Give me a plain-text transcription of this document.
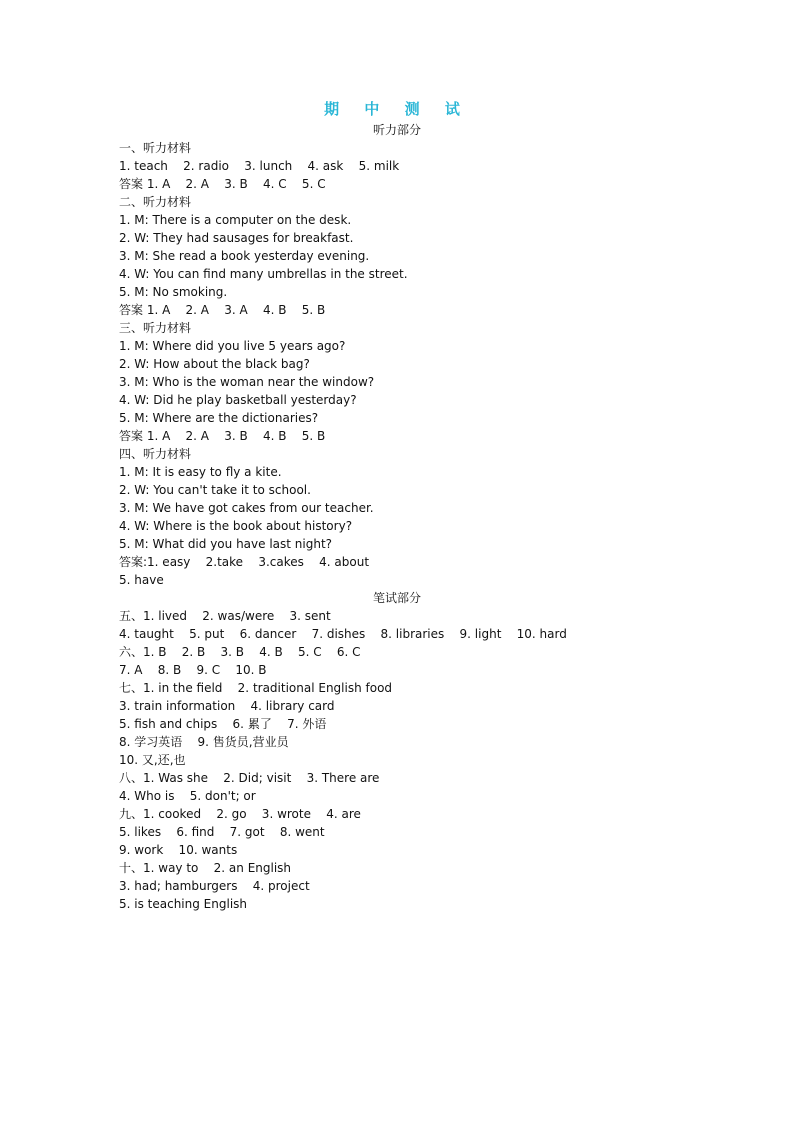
期 中 测 试
听力部分
一、听力材料
1. teach    2. radio    3. lunch    4. ask    5. milk
答案 1. A    2. A    3. B    4. C    5. C
二、听力材料
1. M: There is a computer on the desk.
2. W: They had sausages for breakfast.
3. M: She read a book yesterday evening.
4. W: You can find many umbrellas in the street.
5. M: No smoking.
答案 1. A    2. A    3. A    4. B    5. B
三、听力材料
1. M: Where did you live 5 years ago?
2. W: How about the black bag?
3. M: Who is the woman near the window?
4. W: Did he play basketball yesterday?
5. M: Where are the dictionaries?
答案 1. A    2. A    3. B    4. B    5. B
四、听力材料
1. M: It is easy to fly a kite.
2. W: You can't take it to school.
3. M: We have got cakes from our teacher.
4. W: Where is the book about history?
5. M: What did you have last night?
答案:1. easy    2.take    3.cakes    4. about
5. have
笔试部分
五、1. lived    2. was/were    3. sent
4. taught    5. put    6. dancer    7. dishes    8. libraries    9. light    10. hard
六、1. B    2. B    3. B    4. B    5. C    6. C
7. A    8. B    9. C    10. B
七、1. in the field    2. traditional English food
3. train information    4. library card
5. fish and chips    6. 累了    7. 外语
8. 学习英语    9. 售货员,营业员
10. 又,还,也
八、1. Was she    2. Did; visit    3. There are
4. Who is    5. don't; or
九、1. cooked    2. go    3. wrote    4. are
5. likes    6. find    7. got    8. went
9. work    10. wants
十、1. way to    2. an English
3. had; hamburgers    4. project
5. is teaching English
